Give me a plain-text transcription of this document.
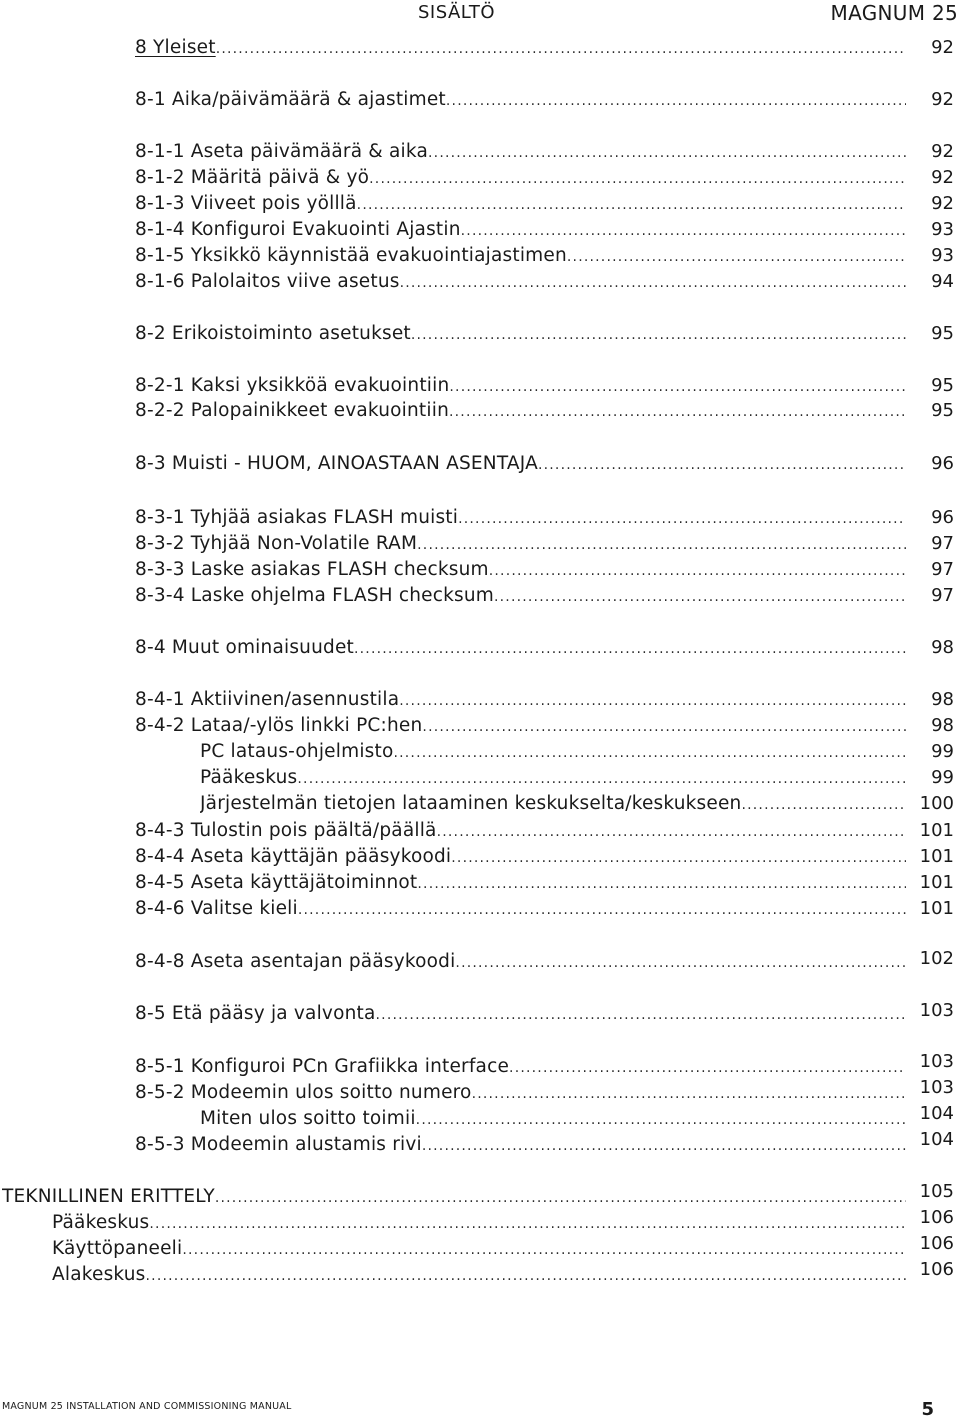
SISÄLTÖ	MAGNUM 25
8 Yleiset .....	92
8-1 Aika/päivämäärä & ajastimet .....	92
8-1-1 Aseta päivämäärä & aika .....	92
8-1-2 Määritä päivä & yö .....	92
8-1-3 Viiveet pois yölllä .....	92
8-1-4 Konfiguroi Evakuointi Ajastin .....	93
8-1-5 Yksikkö käynnistää evakuointiajastimen .....	93
8-1-6 Palolaitos viive asetus .....	94
8-2 Erikoistoiminto asetukset .....	95
8-2-1 Kaksi yksikköä evakuointiin .....	95
8-2-2 Palopainikkeet evakuointiin .....	95
8-3 Muisti - HUOM, AINOASTAAN ASENTAJA .....	96
8-3-1 Tyhjää asiakas FLASH muisti .....	96
8-3-2 Tyhjää Non-Volatile RAM .....	97
8-3-3 Laske asiakas FLASH checksum .....	97
8-3-4 Laske ohjelma FLASH checksum .....	97
8-4 Muut ominaisuudet .....	98
8-4-1 Aktiivinen/asennustila .....	98
8-4-2 Lataa/-ylös linkki PC:hen .....	98
PC lataus-ohjelmisto .....	99
Pääkeskus .....	99
Järjestelmän tietojen lataaminen keskukselta/keskukseen .....	100
8-4-3 Tulostin pois päältä/päällä .....	101
8-4-4 Aseta käyttäjän pääsykoodi .....	101
8-4-5 Aseta käyttäjätoiminnot .....	101
8-4-6 Valitse kieli .....	101
8-4-8 Aseta asentajan pääsykoodi .....	102
8-5 Etä pääsy ja valvonta .....	103
8-5-1 Konfiguroi PCn Grafiikka interface .....	103
8-5-2 Modeemin ulos soitto numero .....	103
Miten ulos soitto toimii .....	104
8-5-3 Modeemin alustamis rivi .....	104
TEKNILLINEN ERITTELY .....	105
Pääkeskus .....	106
Käyttöpaneeli .....	106
Alakeskus .....	106
MAGNUM 25 INSTALLATION AND COMMISSIONING MANUAL	5
